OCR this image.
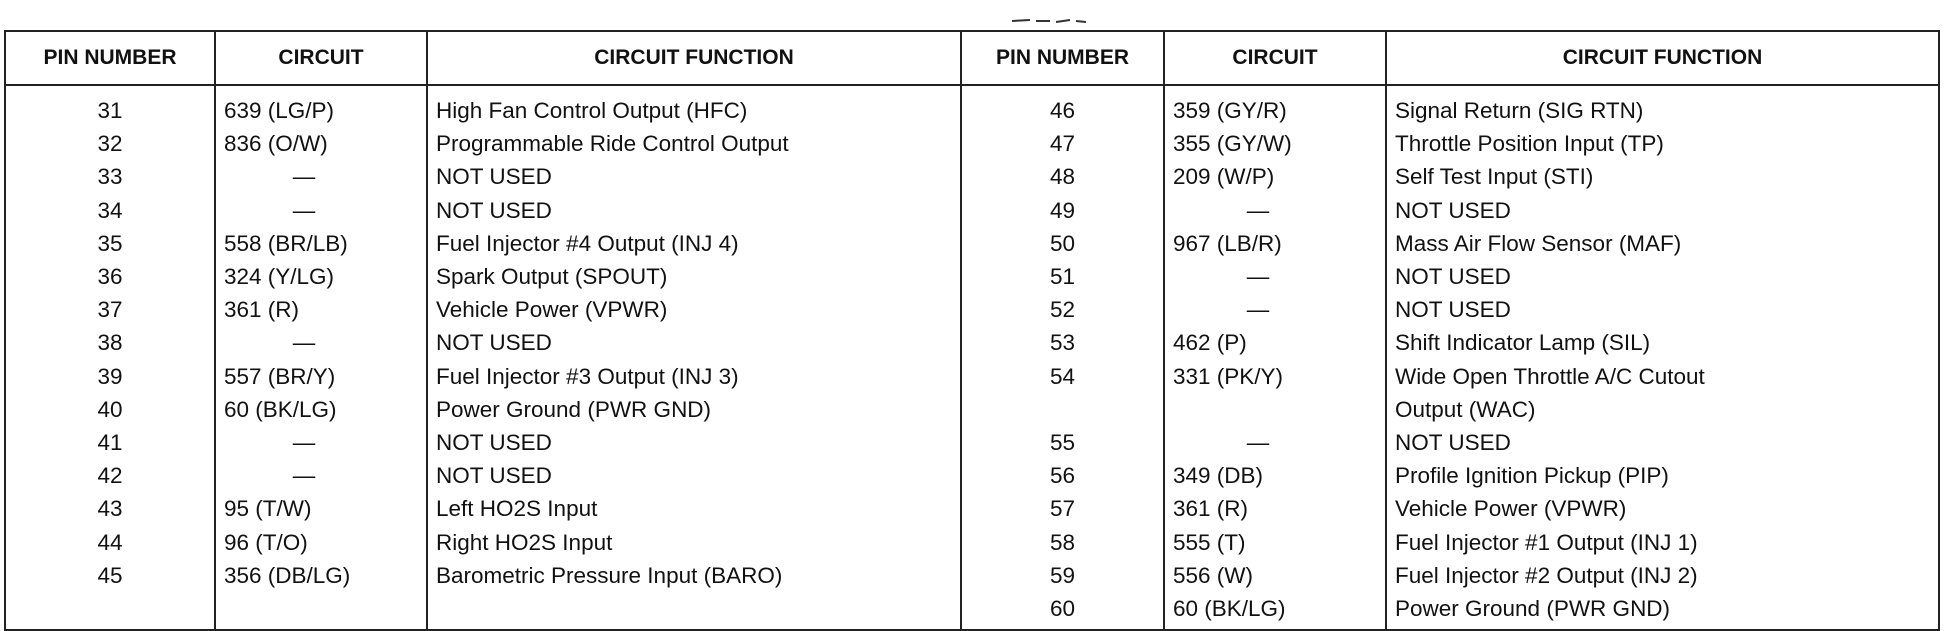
PIN NUMBER	CIRCUIT	CIRCUIT FUNCTION	PIN NUMBER	CIRCUIT	CIRCUIT FUNCTION
31	639 (LG/P)	High Fan Control Output (HFC)	46	359 (GY/R)	Signal Return (SIG RTN)
32	836 (O/W)	Programmable Ride Control Output	47	355 (GY/W)	Throttle Position Input (TP)
33	—	NOT USED	48	209 (W/P)	Self Test Input (STI)
34	—	NOT USED	49	—	NOT USED
35	558 (BR/LB)	Fuel Injector #4 Output (INJ 4)	50	967 (LB/R)	Mass Air Flow Sensor (MAF)
36	324 (Y/LG)	Spark Output (SPOUT)	51	—	NOT USED
37	361 (R)	Vehicle Power (VPWR)	52	—	NOT USED
38	—	NOT USED	53	462 (P)	Shift Indicator Lamp (SIL)
39	557 (BR/Y)	Fuel Injector #3 Output (INJ 3)	54	331 (PK/Y)	Wide Open Throttle A/C Cutout
40	60 (BK/LG)	Power Ground (PWR GND)			Output (WAC)
41	—	NOT USED	55	—	NOT USED
42	—	NOT USED	56	349 (DB)	Profile Ignition Pickup (PIP)
43	95 (T/W)	Left HO2S Input	57	361 (R)	Vehicle Power (VPWR)
44	96 (T/O)	Right HO2S Input	58	555 (T)	Fuel Injector #1 Output (INJ 1)
45	356 (DB/LG)	Barometric Pressure Input (BARO)	59	556 (W)	Fuel Injector #2 Output (INJ 2)
			60	60 (BK/LG)	Power Ground (PWR GND)
